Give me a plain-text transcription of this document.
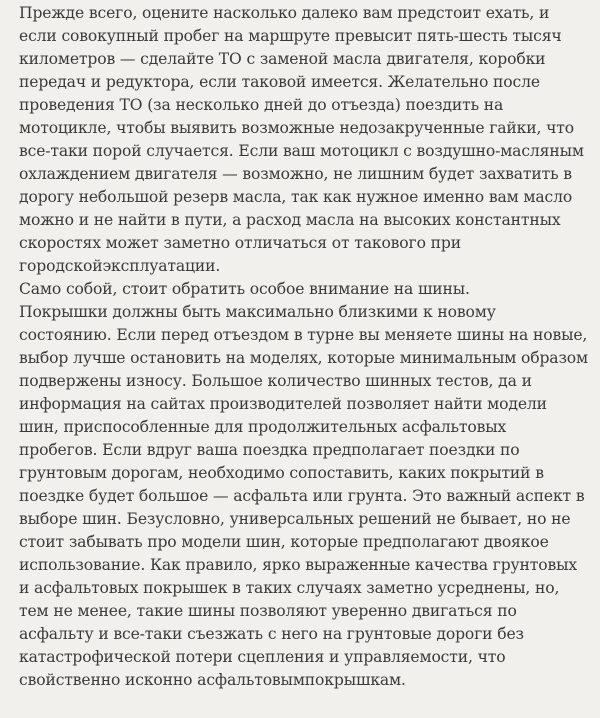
Прежде всего, оцените насколько далеко вам предстоит ехать, и если совокупный пробег на маршруте превысит пять-шесть тысяч километров — сделайте ТО с заменой масла двигателя, коробки передач и редуктора, если таковой имеется. Желательно после проведения ТО (за несколько дней до отъезда) поездить на мотоцикле, чтобы выявить возможные недозакрученные гайки, что все-таки порой случается. Если ваш мотоцикл с воздушно-масляным охлаждением двигателя — возможно, не лишним будет захватить в дорогу небольшой резерв масла, так как нужное именно вам масло можно и не найти в пути, а расход масла на высоких константных скоростях может заметно отличаться от такового при городскойэксплуатации.

Само собой, стоит обратить особое внимание на шины.

Покрышки должны быть максимально близкими к новому состоянию. Если перед отъездом в турне вы меняете шины на новые, выбор лучше остановить на моделях, которые минимальным образом подвержены износу. Большое количество шинных тестов, да и информация на сайтах производителей позволяет найти модели шин, приспособленные для продолжительных асфальтовых пробегов. Если вдруг ваша поездка предполагает поездки по грунтовым дорогам, необходимо сопоставить, каких покрытий в поездке будет большое — асфальта или грунта. Это важный аспект в выборе шин. Безусловно, универсальных решений не бывает, но не стоит забывать про модели шин, которые предполагают двоякое использование. Как правило, ярко выраженные качества грунтовых и асфальтовых покрышек в таких случаях заметно усреднены, но, тем не менее, такие шины позволяют уверенно двигаться по асфальту и все-таки съезжать с него на грунтовые дороги без катастрофической потери сцепления и управляемости, что свойственно исконно асфальтовымпокрышкам.
